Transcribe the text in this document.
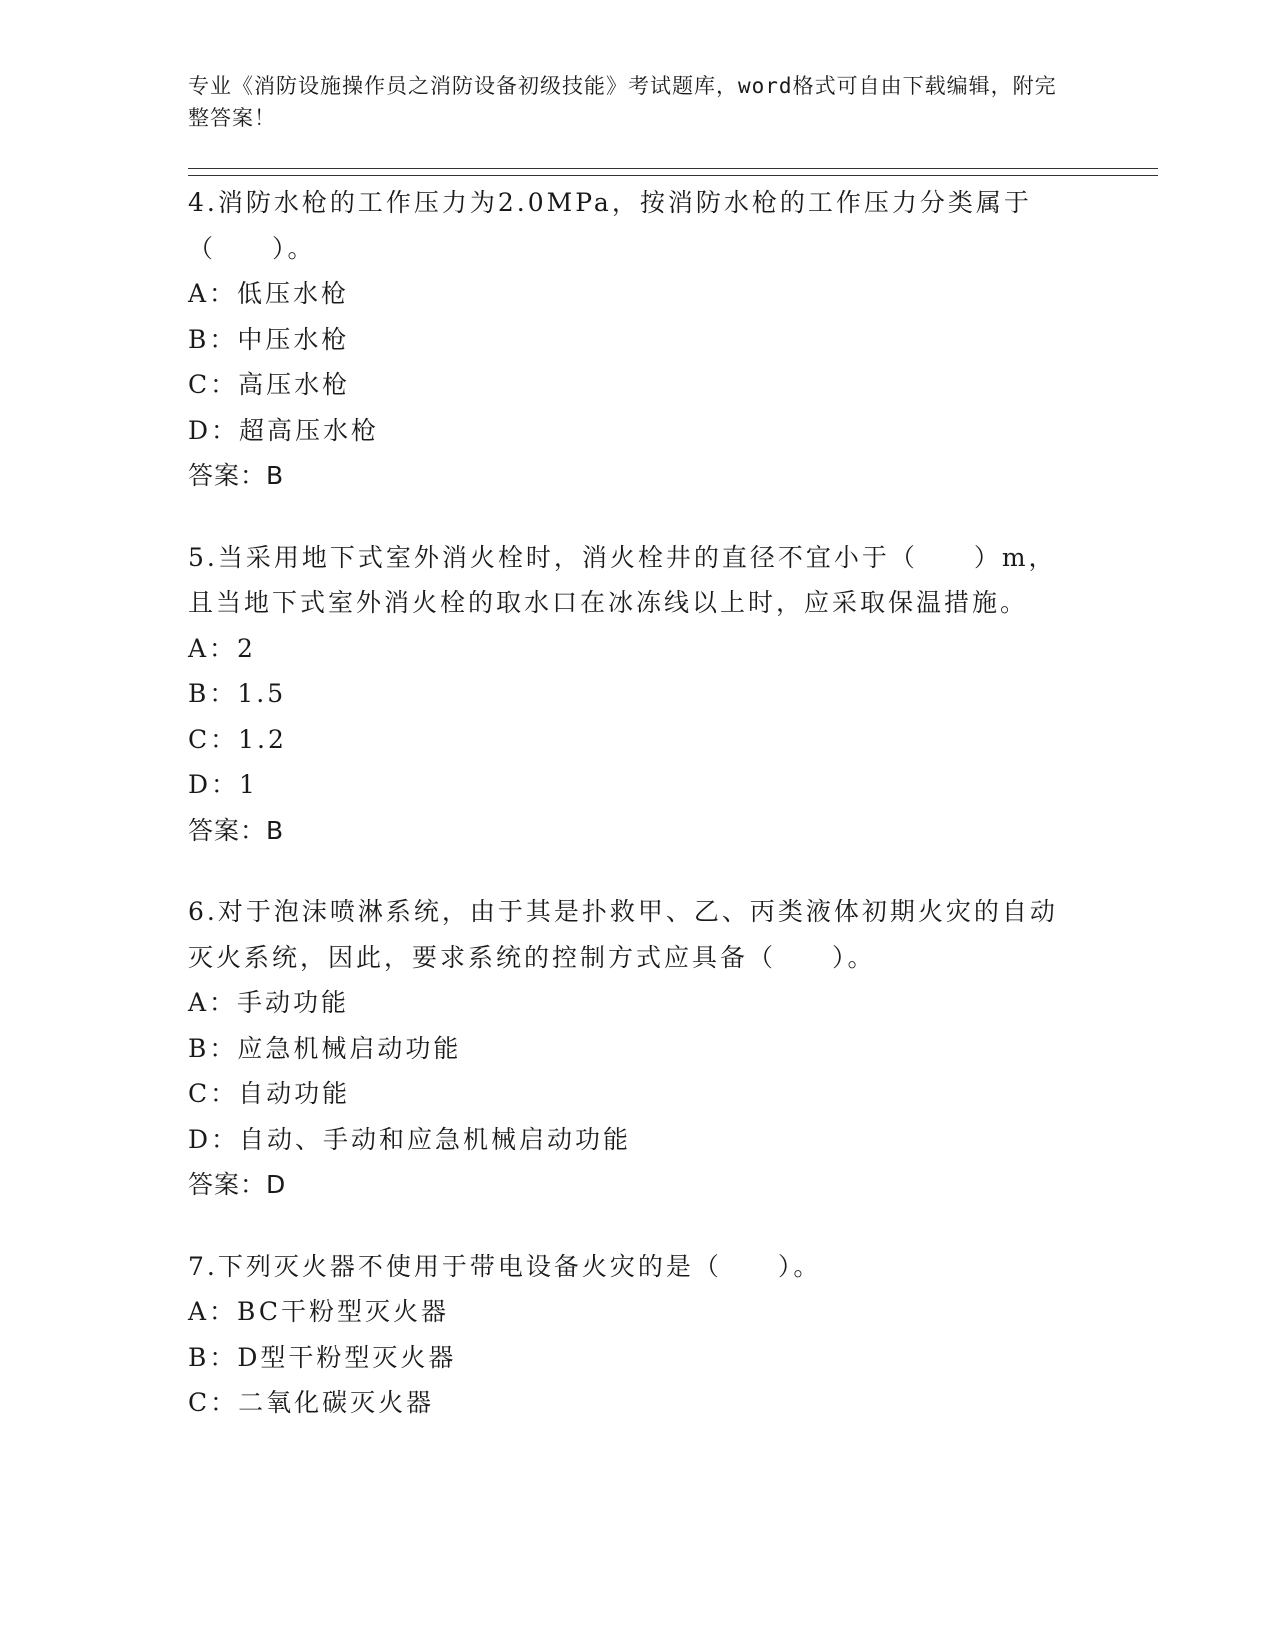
专业《消防设施操作员之消防设备初级技能》考试题库，word格式可自由下载编辑，附完整答案！
4.消防水枪的工作压力为2.0MPa，按消防水枪的工作压力分类属于（　　）。
A：低压水枪
B：中压水枪
C：高压水枪
D：超高压水枪
答案：B
5.当采用地下式室外消火栓时，消火栓井的直径不宜小于（　　）m，且当地下式室外消火栓的取水口在冰冻线以上时，应采取保温措施。
A：2
B：1.5
C：1.2
D：1
答案：B
6.对于泡沫喷淋系统，由于其是扑救甲、乙、丙类液体初期火灾的自动灭火系统，因此，要求系统的控制方式应具备（　　）。
A：手动功能
B：应急机械启动功能
C：自动功能
D：自动、手动和应急机械启动功能
答案：D
7.下列灭火器不使用于带电设备火灾的是（　　）。
A：BC干粉型灭火器
B：D型干粉型灭火器
C：二氧化碳灭火器
